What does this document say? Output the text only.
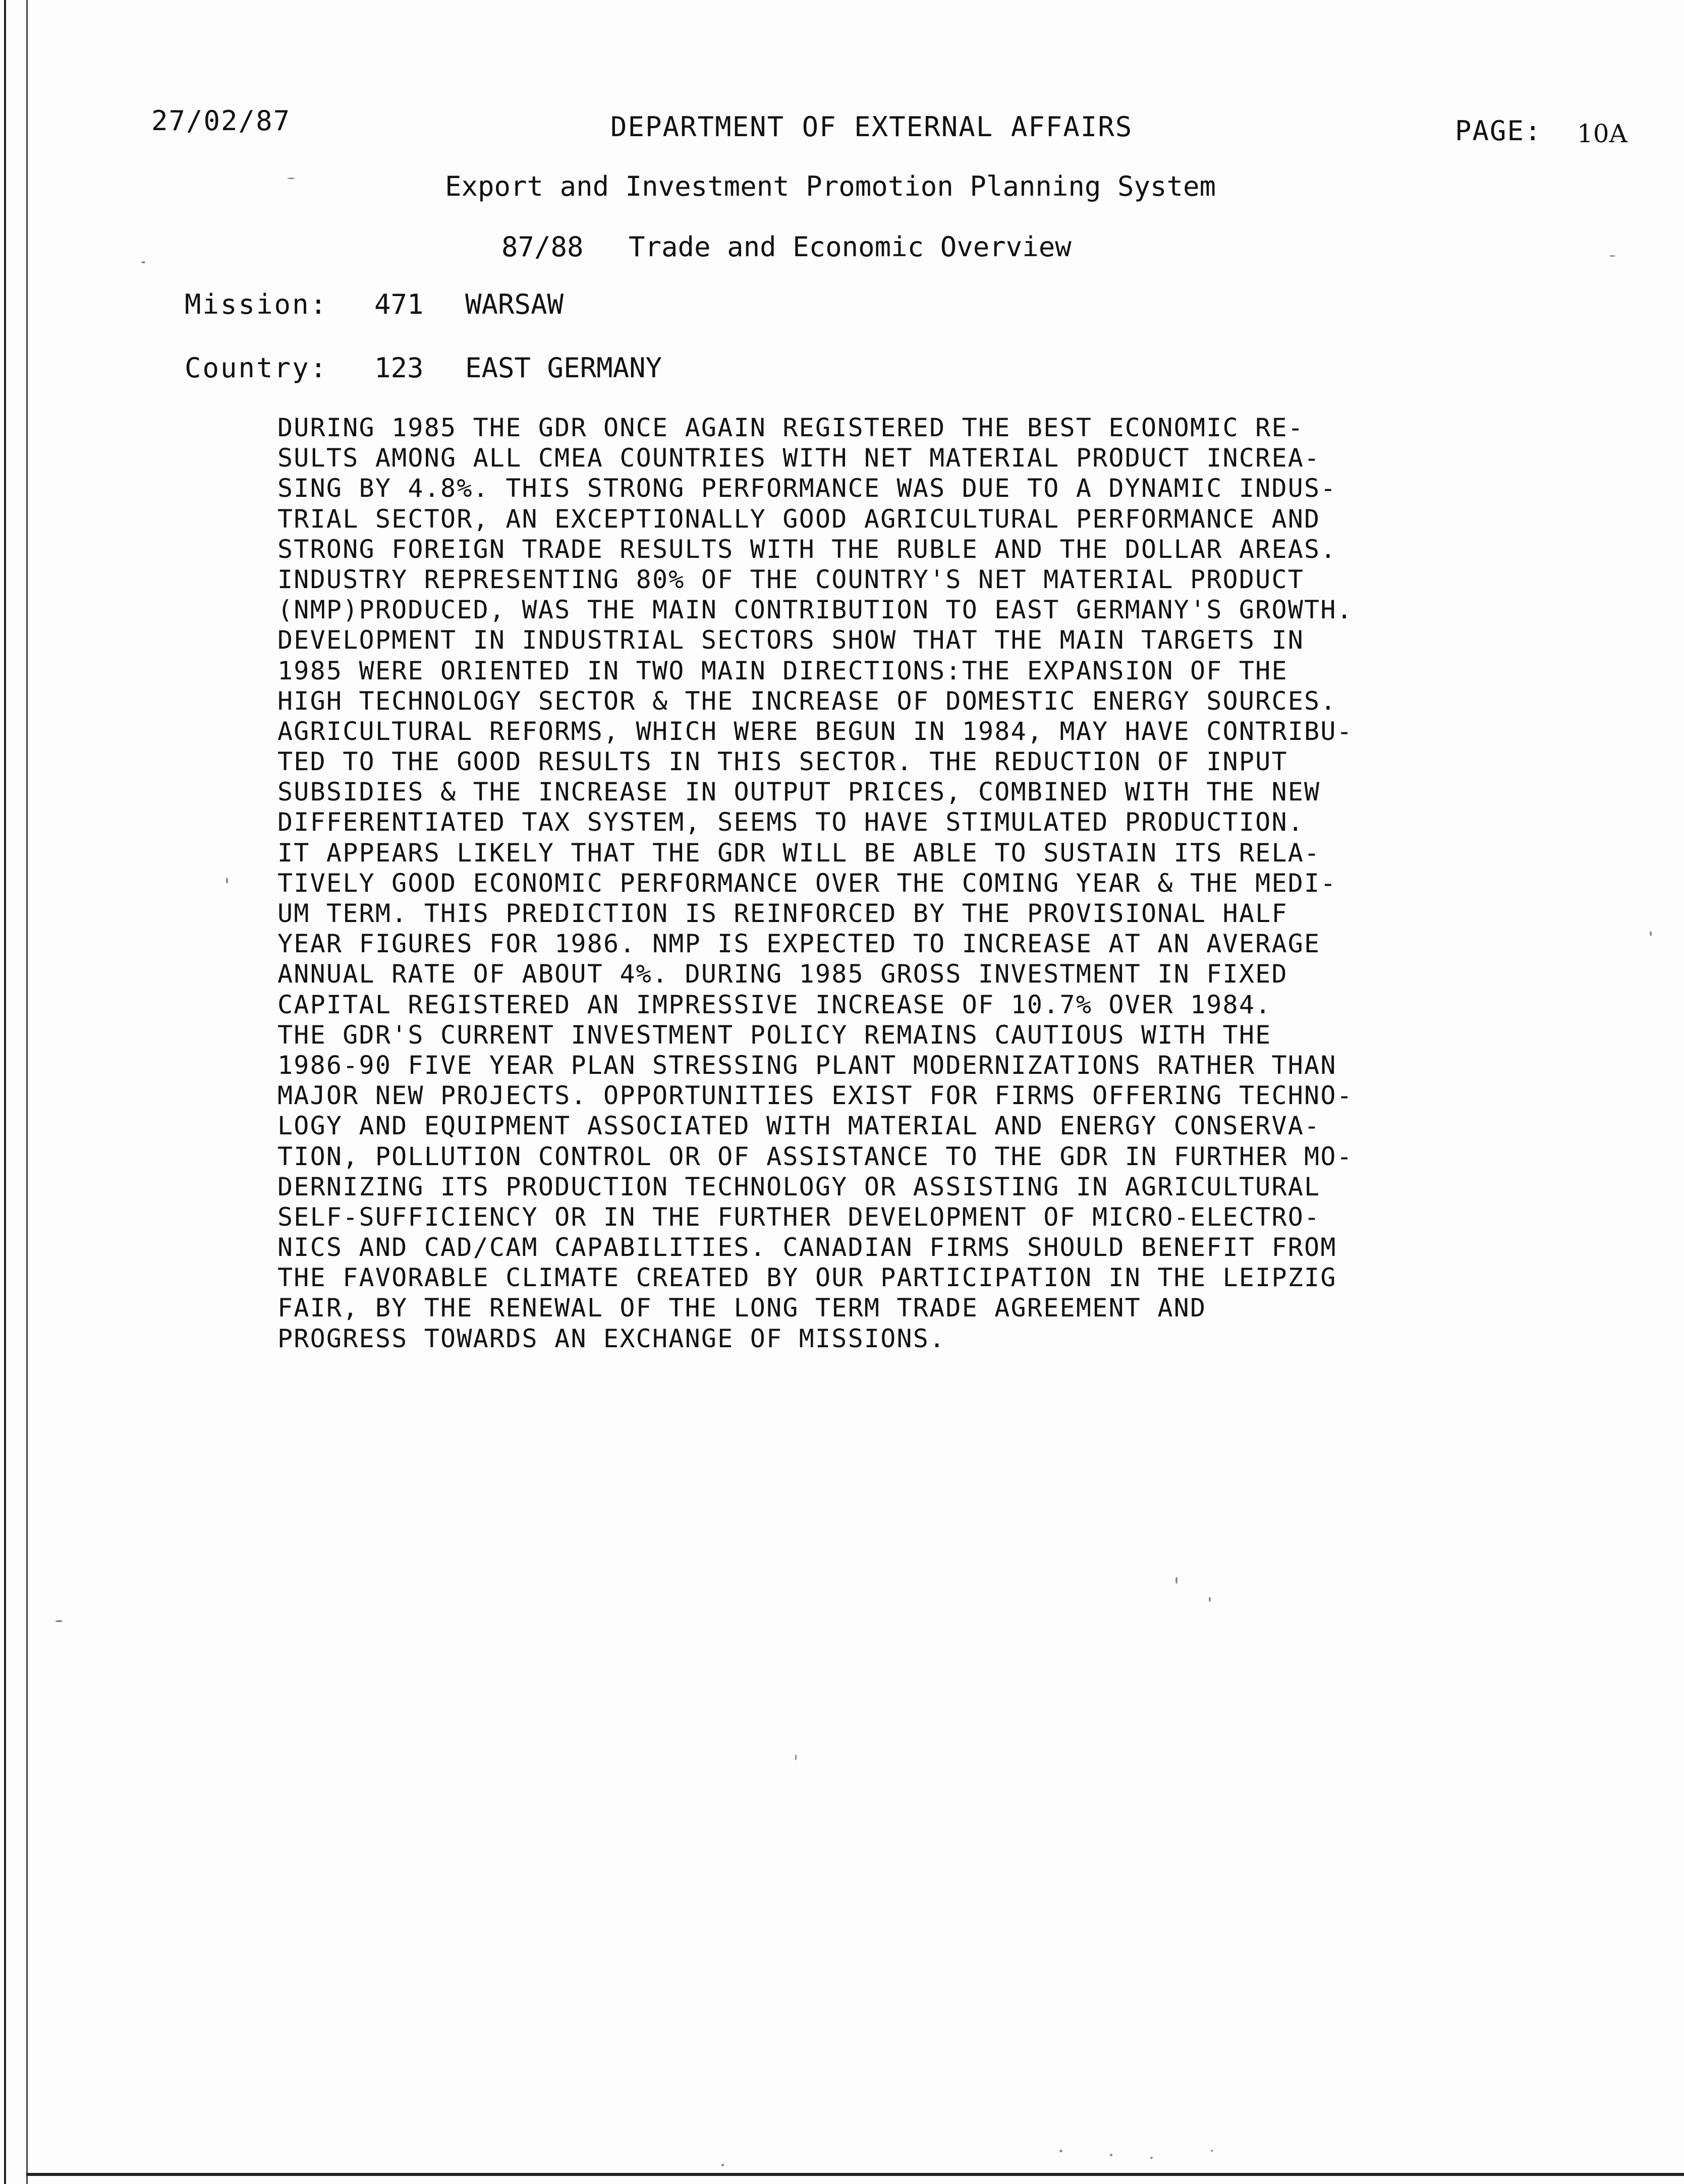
27/02/87	DEPARTMENT OF EXTERNAL AFFAIRS	PAGE: 10A
Export and Investment Promotion Planning System
87/88 Trade and Economic Overview
Mission: 471 WARSAW
Country: 123 EAST GERMANY
DURING 1985 THE GDR ONCE AGAIN REGISTERED THE BEST ECONOMIC RE-
SULTS AMONG ALL CMEA COUNTRIES WITH NET MATERIAL PRODUCT INCREA-
SING BY 4.8%. THIS STRONG PERFORMANCE WAS DUE TO A DYNAMIC INDUS-
TRIAL SECTOR, AN EXCEPTIONALLY GOOD AGRICULTURAL PERFORMANCE AND
STRONG FOREIGN TRADE RESULTS WITH THE RUBLE AND THE DOLLAR AREAS.
INDUSTRY REPRESENTING 80% OF THE COUNTRY'S NET MATERIAL PRODUCT
(NMP)PRODUCED, WAS THE MAIN CONTRIBUTION TO EAST GERMANY'S GROWTH.
DEVELOPMENT IN INDUSTRIAL SECTORS SHOW THAT THE MAIN TARGETS IN
1985 WERE ORIENTED IN TWO MAIN DIRECTIONS:THE EXPANSION OF THE
HIGH TECHNOLOGY SECTOR & THE INCREASE OF DOMESTIC ENERGY SOURCES.
AGRICULTURAL REFORMS, WHICH WERE BEGUN IN 1984, MAY HAVE CONTRIBU-
TED TO THE GOOD RESULTS IN THIS SECTOR. THE REDUCTION OF INPUT
SUBSIDIES & THE INCREASE IN OUTPUT PRICES, COMBINED WITH THE NEW
DIFFERENTIATED TAX SYSTEM, SEEMS TO HAVE STIMULATED PRODUCTION.
IT APPEARS LIKELY THAT THE GDR WILL BE ABLE TO SUSTAIN ITS RELA-
TIVELY GOOD ECONOMIC PERFORMANCE OVER THE COMING YEAR & THE MEDI-
UM TERM. THIS PREDICTION IS REINFORCED BY THE PROVISIONAL HALF
YEAR FIGURES FOR 1986. NMP IS EXPECTED TO INCREASE AT AN AVERAGE
ANNUAL RATE OF ABOUT 4%. DURING 1985 GROSS INVESTMENT IN FIXED
CAPITAL REGISTERED AN IMPRESSIVE INCREASE OF 10.7% OVER 1984.
THE GDR'S CURRENT INVESTMENT POLICY REMAINS CAUTIOUS WITH THE
1986-90 FIVE YEAR PLAN STRESSING PLANT MODERNIZATIONS RATHER THAN
MAJOR NEW PROJECTS. OPPORTUNITIES EXIST FOR FIRMS OFFERING TECHNO-
LOGY AND EQUIPMENT ASSOCIATED WITH MATERIAL AND ENERGY CONSERVA-
TION, POLLUTION CONTROL OR OF ASSISTANCE TO THE GDR IN FURTHER MO-
DERNIZING ITS PRODUCTION TECHNOLOGY OR ASSISTING IN AGRICULTURAL
SELF-SUFFICIENCY OR IN THE FURTHER DEVELOPMENT OF MICRO-ELECTRO-
NICS AND CAD/CAM CAPABILITIES. CANADIAN FIRMS SHOULD BENEFIT FROM
THE FAVORABLE CLIMATE CREATED BY OUR PARTICIPATION IN THE LEIPZIG
FAIR, BY THE RENEWAL OF THE LONG TERM TRADE AGREEMENT AND
PROGRESS TOWARDS AN EXCHANGE OF MISSIONS.
